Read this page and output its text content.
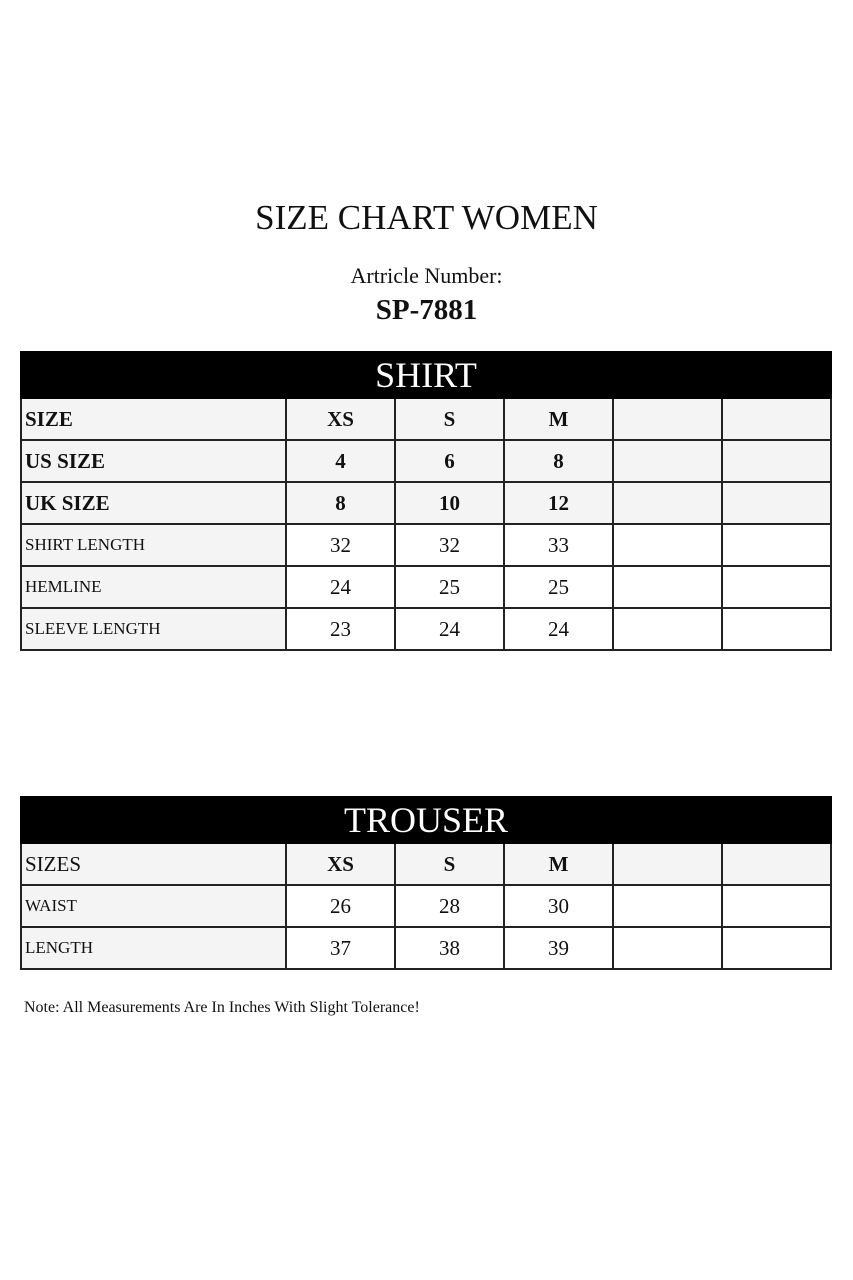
SIZE CHART WOMEN
Artricle Number:
SP-7881
SHIRT					
SIZE	XS	S	M		
US SIZE	4	6	8		
UK SIZE	8	10	12		
SHIRT LENGTH	32	32	33		
HEMLINE	24	25	25		
SLEEVE LENGTH	23	24	24		
TROUSER					
SIZES	XS	S	M		
WAIST	26	28	30		
LENGTH	37	38	39		
Note: All Measurements Are In Inches With Slight Tolerance!
